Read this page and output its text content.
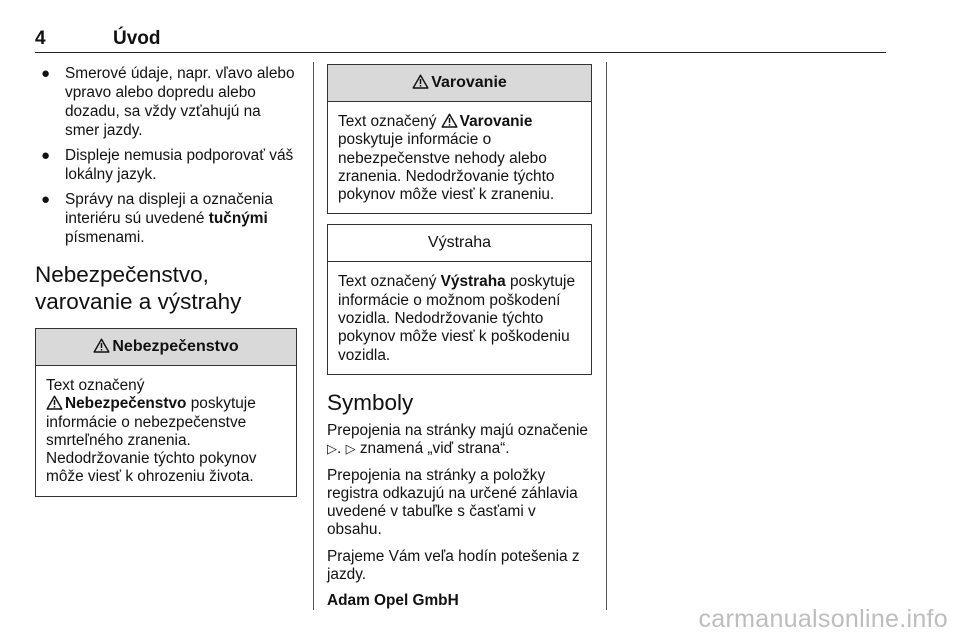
4	Úvod
● Smerové údaje, napr. vľavo alebo vpravo alebo dopredu alebo dozadu, sa vždy vzťahujú na smer jazdy.
● Displeje nemusia podporovať váš lokálny jazyk.
● Správy na displeji a označenia interiéru sú uvedené tučnými písmenami.
Nebezpečenstvo, varovanie a výstrahy
Nebezpečenstvo
Text označený
Nebezpečenstvo poskytuje informácie o nebezpečenstve smrteľného zranenia. Nedodržovanie týchto pokynov môže viesť k ohrozeniu života.
Varovanie
Text označený Varovanie poskytuje informácie o nebezpečenstve nehody alebo zranenia. Nedodržovanie týchto pokynov môže viesť k zraneniu.
Výstraha
Text označený Výstraha poskytuje informácie o možnom poškodení vozidla. Nedodržovanie týchto pokynov môže viesť k poškodeniu vozidla.
Symboly

Prepojenia na stránky majú označenie ▷. ▷ znamená „viď strana“.

Prepojenia na stránky a položky registra odkazujú na určené záhlavia uvedené v tabuľke s časťami v obsahu.

Prajeme Vám veľa hodín potešenia z jazdy.

Adam Opel GmbH

carmanualsonline.info
